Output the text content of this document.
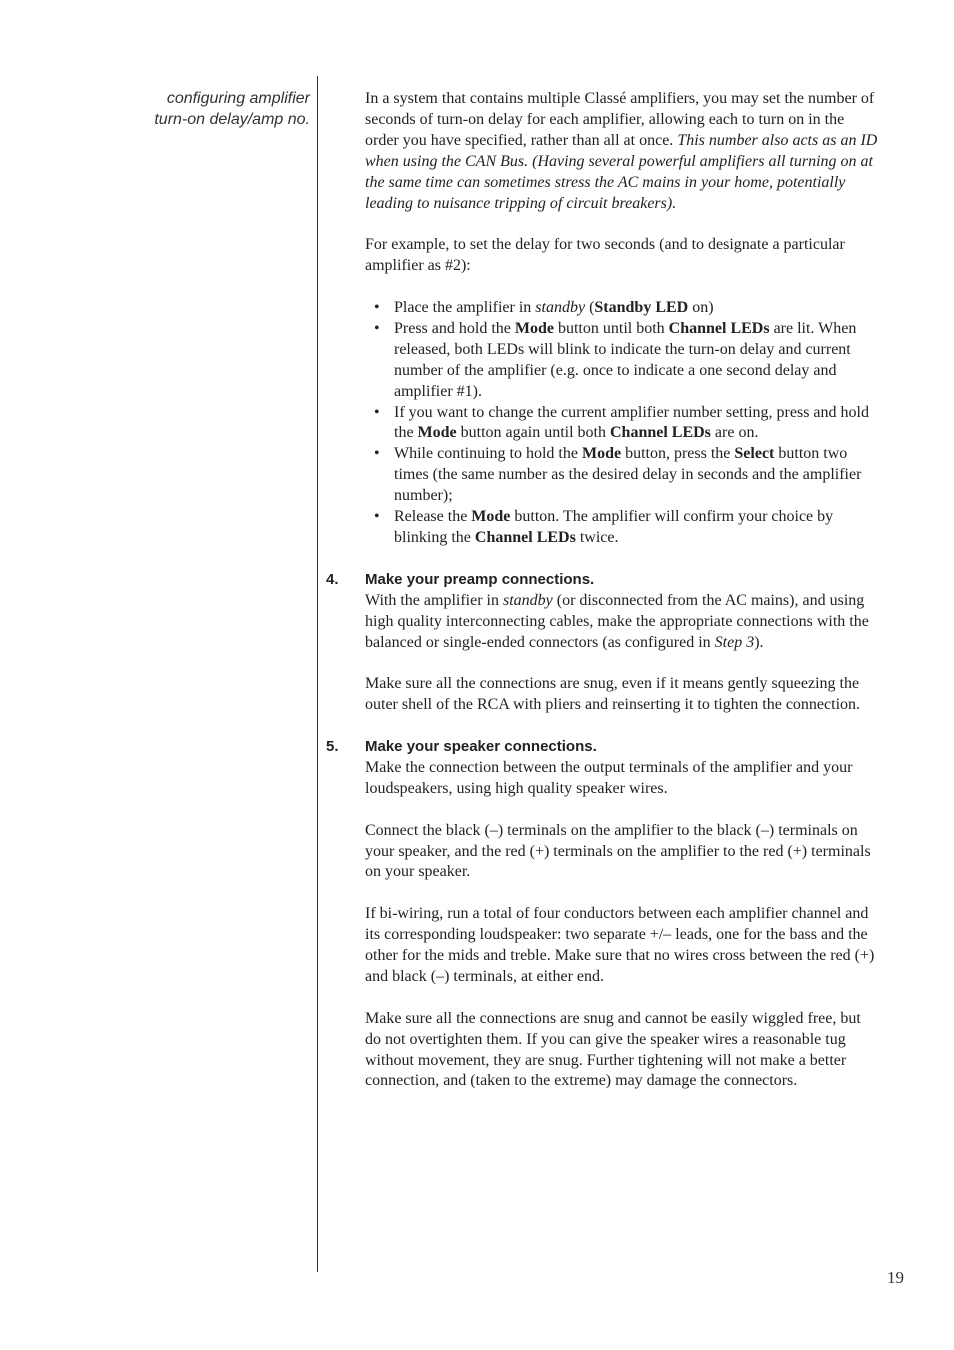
configuring amplifier
turn-on delay/amp no.

In a system that contains multiple Classé amplifiers, you may set the number of seconds of turn-on delay for each amplifier, allowing each to turn on in the order you have specified, rather than all at once. This number also acts as an ID when using the CAN Bus. (Having several powerful amplifiers all turning on at the same time can sometimes stress the AC mains in your home, potentially leading to nuisance tripping of circuit breakers).

For example, to set the delay for two seconds (and to designate a particular amplifier as #2):

• Place the amplifier in standby (Standby LED on)
• Press and hold the Mode button until both Channel LEDs are lit. When released, both LEDs will blink to indicate the turn-on delay and current number of the amplifier (e.g. once to indicate a one second delay and amplifier #1).
• If you want to change the current amplifier number setting, press and hold the Mode button again until both Channel LEDs are on.
• While continuing to hold the Mode button, press the Select button two times (the same number as the desired delay in seconds and the amplifier number);
• Release the Mode button. The amplifier will confirm your choice by blinking the Channel LEDs twice.
4. Make your preamp connections.

With the amplifier in standby (or disconnected from the AC mains), and using high quality interconnecting cables, make the appropriate connections with the balanced or single-ended connectors (as configured in Step 3).

Make sure all the connections are snug, even if it means gently squeezing the outer shell of the RCA with pliers and reinserting it to tighten the connection.

5. Make your speaker connections.

Make the connection between the output terminals of the amplifier and your loudspeakers, using high quality speaker wires.

Connect the black (–) terminals on the amplifier to the black (–) terminals on your speaker, and the red (+) terminals on the amplifier to the red (+) terminals on your speaker.

If bi-wiring, run a total of four conductors between each amplifier channel and its corresponding loudspeaker: two separate +/– leads, one for the bass and the other for the mids and treble. Make sure that no wires cross between the red (+) and black (–) terminals, at either end.

Make sure all the connections are snug and cannot be easily wiggled free, but do not overtighten them. If you can give the speaker wires a reasonable tug without movement, they are snug. Further tightening will not make a better connection, and (taken to the extreme) may damage the connectors.

19
